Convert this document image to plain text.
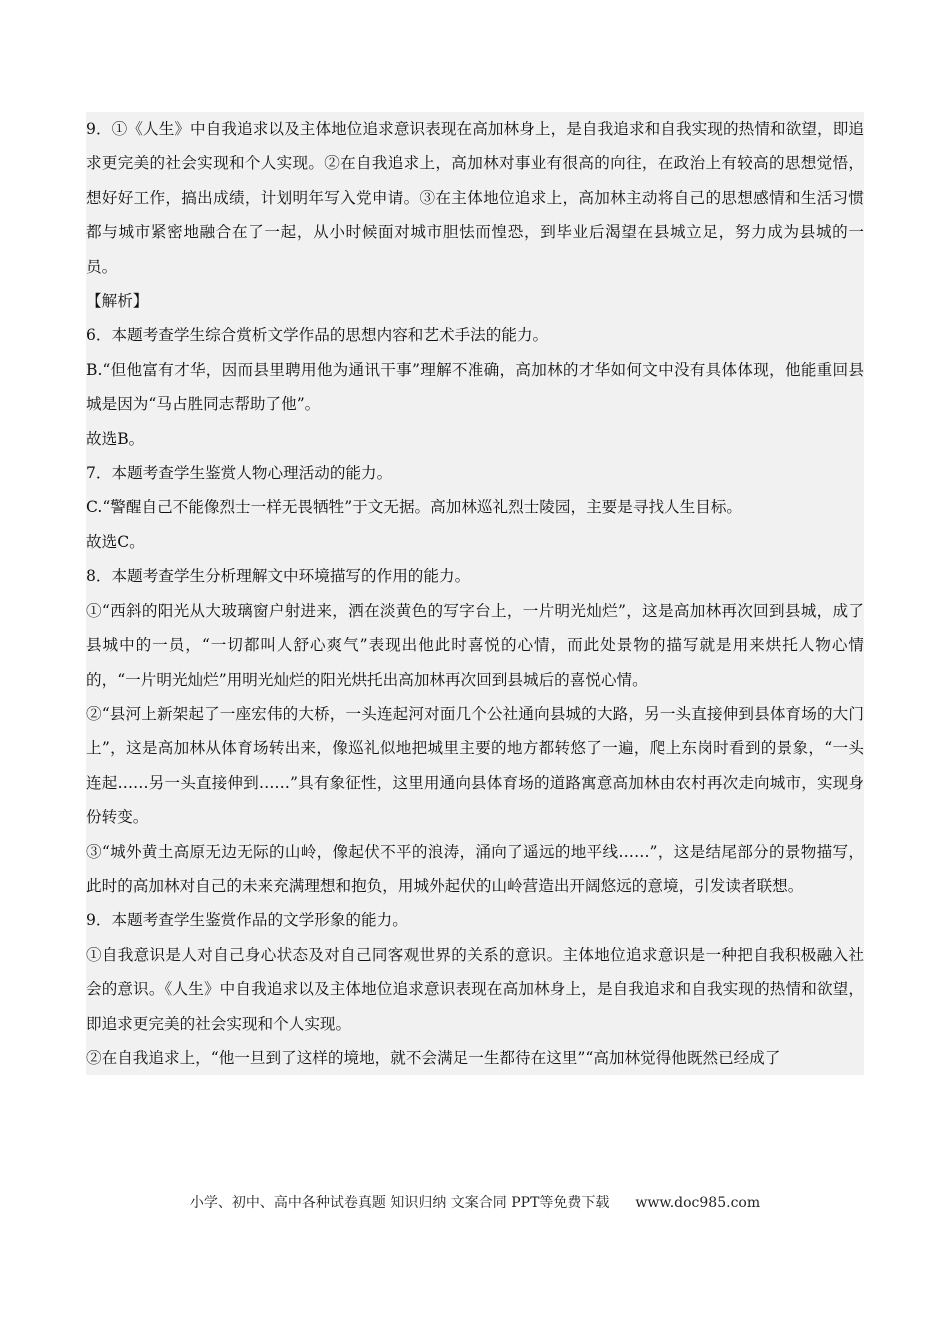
9．①《人生》中自我追求以及主体地位追求意识表现在高加林身上，是自我追求和自我实现的热情和欲望，即追求更完美的社会实现和个人实现。②在自我追求上，高加林对事业有很高的向往，在政治上有较高的思想觉悟，想好好工作，搞出成绩，计划明年写入党申请。③在主体地位追求上，高加林主动将自己的思想感情和生活习惯都与城市紧密地融合在了一起，从小时候面对城市胆怯而惶恐，到毕业后渴望在县城立足，努力成为县城的一员。

【解析】

6．本题考查学生综合赏析文学作品的思想内容和艺术手法的能力。

B.“但他富有才华，因而县里聘用他为通讯干事”理解不准确，高加林的才华如何文中没有具体体现，他能重回县城是因为“马占胜同志帮助了他”。

故选B。

7．本题考查学生鉴赏人物心理活动的能力。

C.“警醒自己不能像烈士一样无畏牺牲”于文无据。高加林巡礼烈士陵园，主要是寻找人生目标。

故选C。

8．本题考查学生分析理解文中环境描写的作用的能力。

①“西斜的阳光从大玻璃窗户射进来，洒在淡黄色的写字台上，一片明光灿烂”，这是高加林再次回到县城，成了县城中的一员，“一切都叫人舒心爽气”表现出他此时喜悦的心情，而此处景物的描写就是用来烘托人物心情的，“一片明光灿烂”用明光灿烂的阳光烘托出高加林再次回到县城后的喜悦心情。

②“县河上新架起了一座宏伟的大桥，一头连起河对面几个公社通向县城的大路，另一头直接伸到县体育场的大门上”，这是高加林从体育场转出来，像巡礼似地把城里主要的地方都转悠了一遍，爬上东岗时看到的景象，“一头连起……另一头直接伸到……”具有象征性，这里用通向县体育场的道路寓意高加林由农村再次走向城市，实现身份转变。

③“城外黄土高原无边无际的山岭，像起伏不平的浪涛，涌向了遥远的地平线……”，这是结尾部分的景物描写，此时的高加林对自己的未来充满理想和抱负，用城外起伏的山岭营造出开阔悠远的意境，引发读者联想。

9．本题考查学生鉴赏作品的文学形象的能力。

①自我意识是人对自己身心状态及对自己同客观世界的关系的意识。主体地位追求意识是一种把自我积极融入社会的意识。《人生》中自我追求以及主体地位追求意识表现在高加林身上，是自我追求和自我实现的热情和欲望，即追求更完美的社会实现和个人实现。

②在自我追求上，“他一旦到了这样的境地，就不会满足一生都待在这里”“高加林觉得他既然已经成了

小学、初中、高中各种试卷真题 知识归纳 文案合同 PPT等免费下载 www.doc985.com
